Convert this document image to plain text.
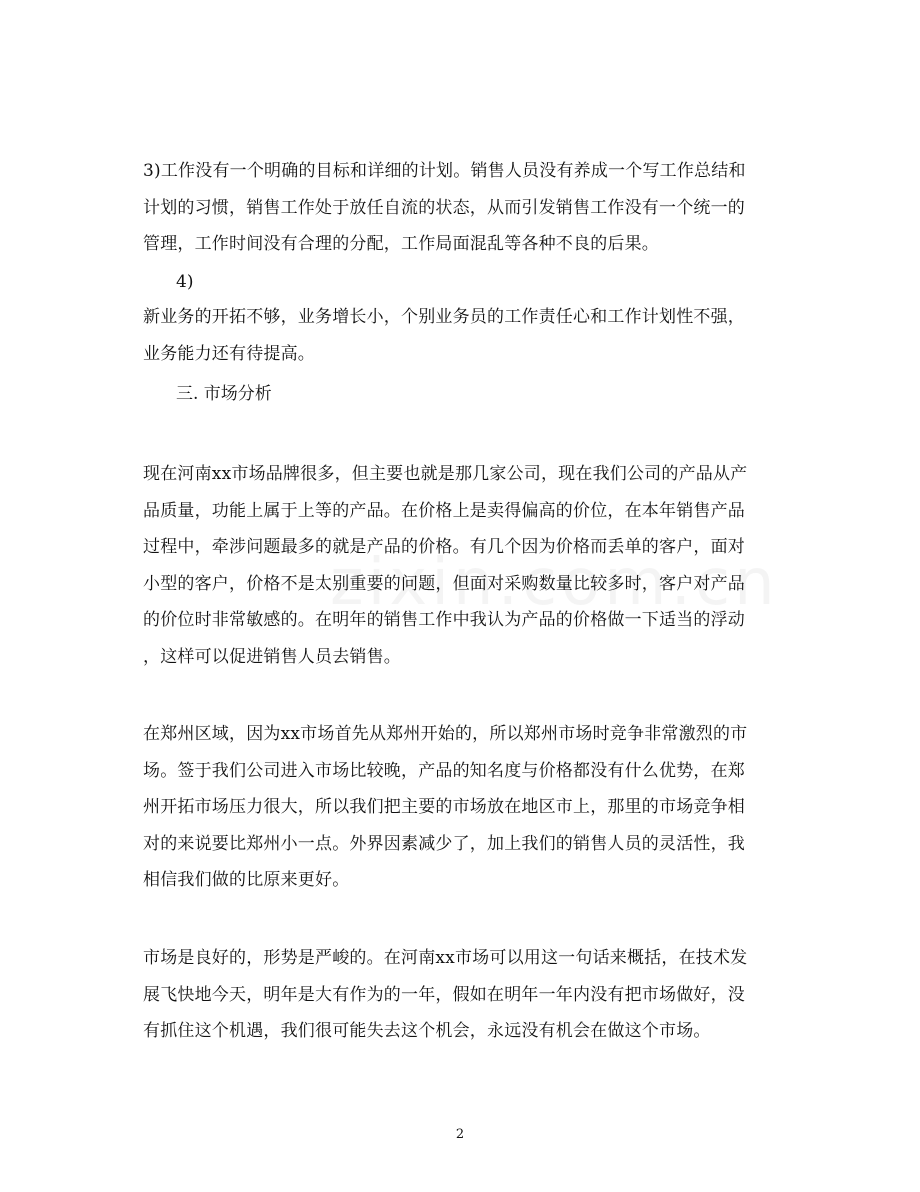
3)工作没有一个明确的目标和详细的计划。销售人员没有养成一个写工作总结和
计划的习惯，销售工作处于放任自流的状态，从而引发销售工作没有一个统一的
管理，工作时间没有合理的分配，工作局面混乱等各种不良的后果。

4)

新业务的开拓不够，业务增长小，个别业务员的工作责任心和工作计划性不强，
业务能力还有待提高。

三. 市场分析

现在河南xx市场品牌很多，但主要也就是那几家公司，现在我们公司的产品从产
品质量，功能上属于上等的产品。在价格上是卖得偏高的价位，在本年销售产品
过程中，牵涉问题最多的就是产品的价格。有几个因为价格而丢单的客户，面对
小型的客户，价格不是太别重要的问题，但面对采购数量比较多时，客户对产品
的价位时非常敏感的。在明年的销售工作中我认为产品的价格做一下适当的浮动
，这样可以促进销售人员去销售。

在郑州区域，因为xx市场首先从郑州开始的，所以郑州市场时竞争非常激烈的市
场。签于我们公司进入市场比较晚，产品的知名度与价格都没有什么优势，在郑
州开拓市场压力很大，所以我们把主要的市场放在地区市上，那里的市场竞争相
对的来说要比郑州小一点。外界因素减少了，加上我们的销售人员的灵活性，我
相信我们做的比原来更好。

市场是良好的，形势是严峻的。在河南xx市场可以用这一句话来概括，在技术发
展飞快地今天，明年是大有作为的一年，假如在明年一年内没有把市场做好，没
有抓住这个机遇，我们很可能失去这个机会，永远没有机会在做这个市场。

2
